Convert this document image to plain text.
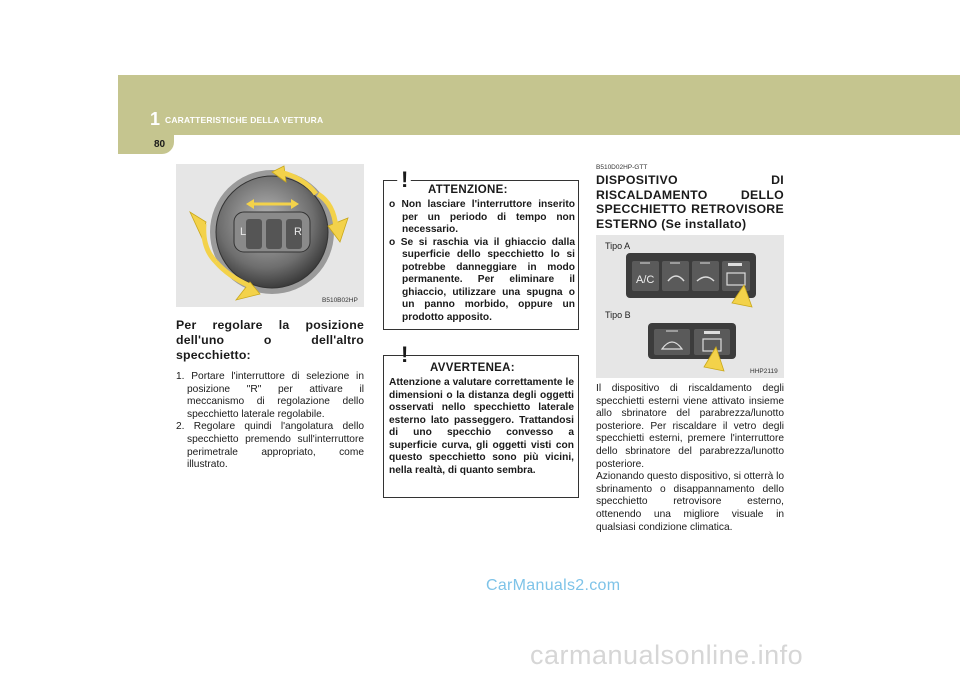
1 CARATTERISTICHE DELLA VETTURA
80
L	R
B510B02HP
Per regolare la posizione dell'uno o dell'altro specchietto:
1. Portare l'interruttore di selezione in posizione "R" per attivare il meccanismo di regolazione dello specchietto laterale regolabile.
2. Regolare quindi l'angolatura dello specchietto premendo sull'interruttore perimetrale appropriato, come illustrato.
! ATTENZIONE:
o Non lasciare l'interruttore inserito per un periodo di tempo non necessario.
o Se si raschia via il ghiaccio dalla superficie dello specchietto lo si potrebbe danneggiare in modo permanente. Per eliminare il ghiaccio, utilizzare una spugna o un panno morbido, oppure un prodotto apposito.
!
AVVERTENEA:
Attenzione a valutare correttamente le dimensioni o la distanza degli oggetti osservati nello specchietto laterale esterno lato passeggero. Trattandosi di uno specchio convesso a superficie curva, gli oggetti visti con questo specchietto sono più vicini, nella realtà, di quanto sembra.
B510D02HP-GTT
DISPOSITIVO DI RISCALDAMENTO DELLO SPECCHIETTO RETROVISORE ESTERNO (Se installato)
Tipo A
Tipo B
A/C
HHP2119
Il dispositivo di riscaldamento degli specchietti esterni viene attivato insieme allo sbrinatore del parabrezza/lunotto posteriore. Per riscaldare il vetro degli specchietti esterni, premere l'interruttore dello sbrinatore del parabrezza/lunotto posteriore.
Azionando questo dispositivo, si otterrà lo sbrinamento o disappannamento dello specchietto retrovisore esterno, ottenendo una migliore visuale in qualsiasi condizione climatica.
CarManuals2.com
carmanualsonline.info
